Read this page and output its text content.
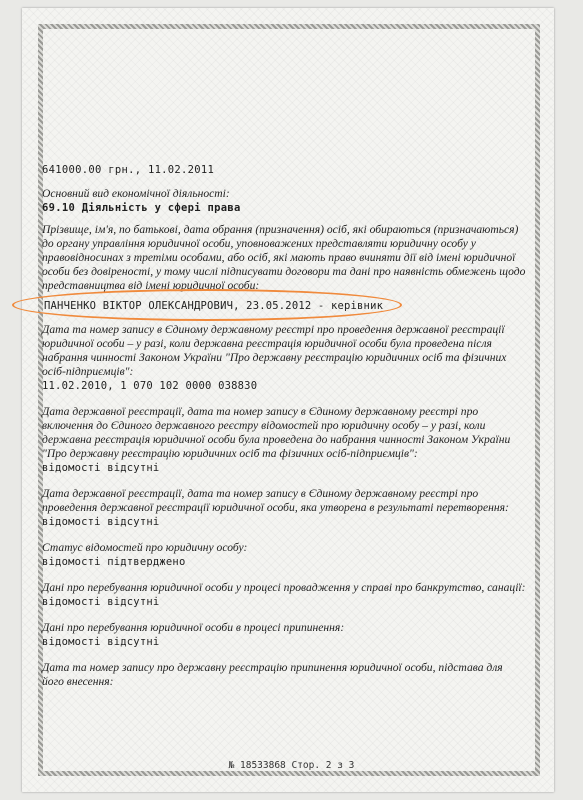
641000.00 грн., 11.02.2011
Основний вид економічної діяльності:
69.10 Діяльність у сфері права
Прізвище, ім'я, по батькові, дата обрання (призначення) осіб, які обираються (призначаються) до органу управління юридичної особи, уповноважених представляти юридичну особу у правовідносинах з третіми особами, або осіб, які мають право вчиняти дії від імені юридичної особи без довіреності, у тому числі підписувати договори та дані про наявність обмежень щодо представництва від імені юридичної особи:
ПАНЧЕНКО ВІКТОР ОЛЕКСАНДРОВИЧ, 23.05.2012 - керівник
Дата та номер запису в Єдиному державному реєстрі про проведення державної реєстрації юридичної особи – у разі, коли державна реєстрація юридичної особи була проведена після набрання чинності Законом України "Про державну реєстрацію юридичних осіб та фізичних осіб-підприємців":
11.02.2010, 1 070 102 0000 038830
Дата державної реєстрації, дата та номер запису в Єдиному державному реєстрі про включення до Єдиного державного реєстру відомостей про юридичну особу – у разі, коли державна реєстрація юридичної особи була проведена до набрання чинності Законом України "Про державну реєстрацію юридичних осіб та фізичних осіб-підприємців":
відомості відсутні
Дата державної реєстрації, дата та номер запису в Єдиному державному реєстрі про проведення державної реєстрації юридичної особи, яка утворена в результаті перетворення:
відомості відсутні
Статус відомостей про юридичну особу:
відомості підтверджено
Дані про перебування юридичної особи у процесі провадження у справі про банкрутство, санації:
відомості відсутні
Дані про перебування юридичної особи в процесі припинення:
відомості відсутні
Дата та номер запису про державну реєстрацію припинення юридичної особи, підстава для його внесення:
№ 18533868 Стор. 2 з 3
